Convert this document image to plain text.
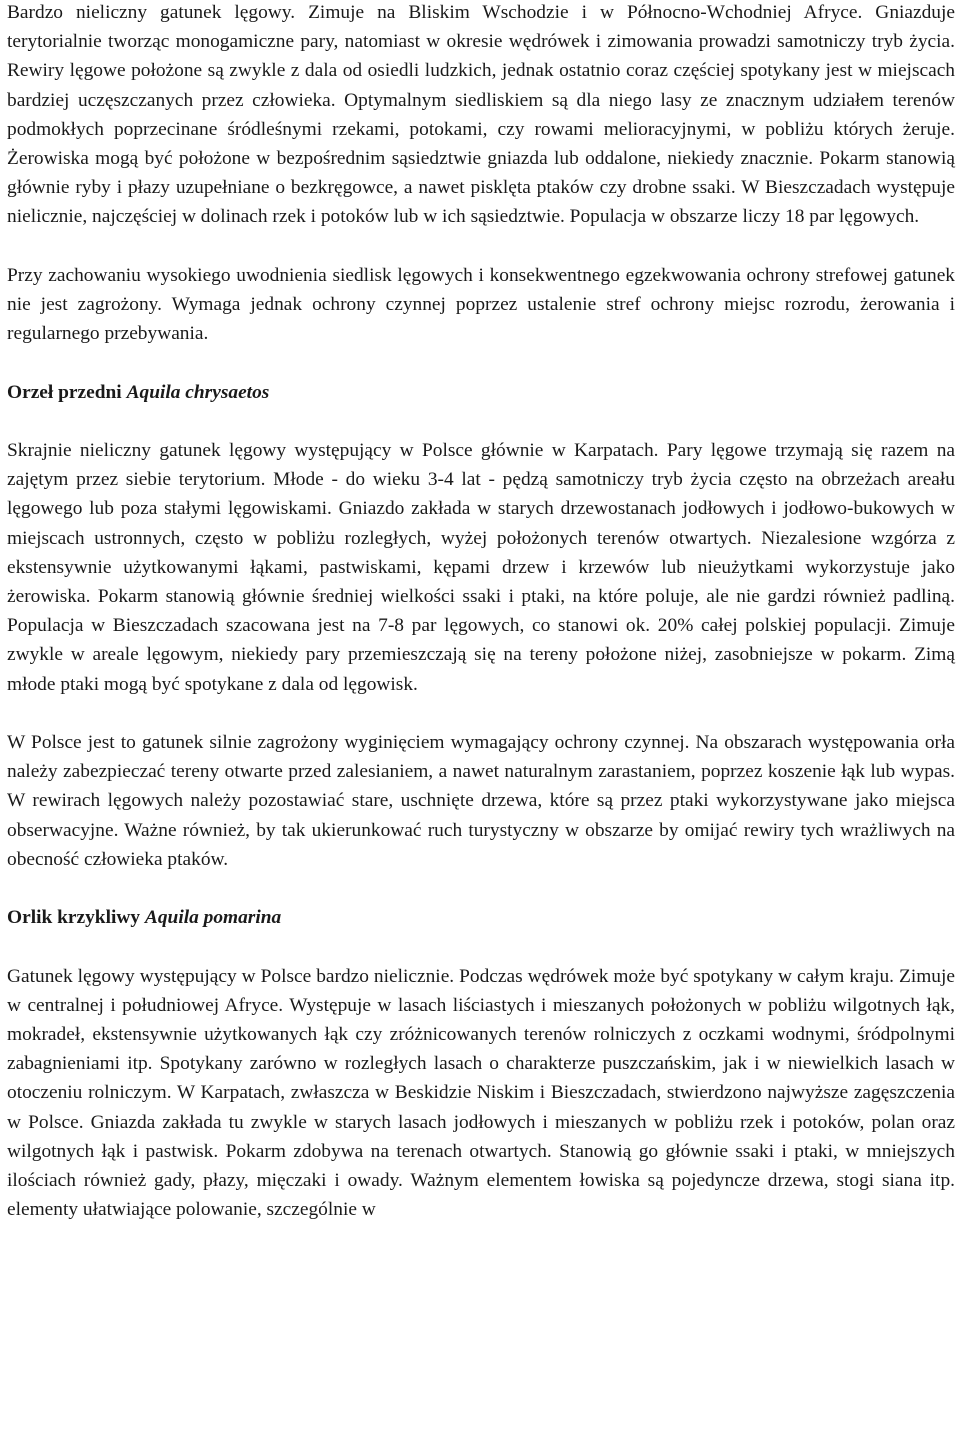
Bardzo nieliczny gatunek lęgowy. Zimuje na Bliskim Wschodzie i w Północno-Wchodniej Afryce. Gniazduje terytorialnie tworząc monogamiczne pary, natomiast w okresie wędrówek i zimowania prowadzi samotniczy tryb życia. Rewiry lęgowe położone są zwykle z dala od osiedli ludzkich, jednak ostatnio coraz częściej spotykany jest w miejscach bardziej uczęszczanych przez człowieka. Optymalnym siedliskiem są dla niego lasy ze znacznym udziałem terenów podmokłych poprzecinane śródleśnymi rzekami, potokami, czy rowami melioracyjnymi, w pobliżu których żeruje. Żerowiska mogą być położone w bezpośrednim sąsiedztwie gniazda lub oddalone, niekiedy znacznie. Pokarm stanowią głównie ryby i płazy uzupełniane o bezkręgowce, a nawet pisklęta ptaków czy drobne ssaki. W Bieszczadach występuje nielicznie, najczęściej w dolinach rzek i potoków lub w ich sąsiedztwie. Populacja w obszarze liczy 18 par lęgowych.

Przy zachowaniu wysokiego uwodnienia siedlisk lęgowych i konsekwentnego egzekwowania ochrony strefowej gatunek nie jest zagrożony. Wymaga jednak ochrony czynnej poprzez ustalenie stref ochrony miejsc rozrodu, żerowania i regularnego przebywania.

Orzeł przedni Aquila chrysaetos

Skrajnie nieliczny gatunek lęgowy występujący w Polsce głównie w Karpatach. Pary lęgowe trzymają się razem na zajętym przez siebie terytorium. Młode - do wieku 3-4 lat - pędzą samotniczy tryb życia często na obrzeżach areału lęgowego lub poza stałymi lęgowiskami. Gniazdo zakłada w starych drzewostanach jodłowych i jodłowo-bukowych w miejscach ustronnych, często w pobliżu rozległych, wyżej położonych terenów otwartych. Niezalesione wzgórza z ekstensywnie użytkowanymi łąkami, pastwiskami, kępami drzew i krzewów lub nieużytkami wykorzystuje jako żerowiska. Pokarm stanowią głównie średniej wielkości ssaki i ptaki, na które poluje, ale nie gardzi również padliną. Populacja w Bieszczadach szacowana jest na 7-8 par lęgowych, co stanowi ok. 20% całej polskiej populacji. Zimuje zwykle w areale lęgowym, niekiedy pary przemieszczają się na tereny położone niżej, zasobniejsze w pokarm. Zimą młode ptaki mogą być spotykane z dala od lęgowisk.

W Polsce jest to gatunek silnie zagrożony wyginięciem wymagający ochrony czynnej. Na obszarach występowania orła należy zabezpieczać tereny otwarte przed zalesianiem, a nawet naturalnym zarastaniem, poprzez koszenie łąk lub wypas. W rewirach lęgowych należy pozostawiać stare, uschnięte drzewa, które są przez ptaki wykorzystywane jako miejsca obserwacyjne. Ważne również, by tak ukierunkować ruch turystyczny w obszarze by omijać rewiry tych wrażliwych na obecność człowieka ptaków.

Orlik krzykliwy Aquila pomarina

Gatunek lęgowy występujący w Polsce bardzo nielicznie. Podczas wędrówek może być spotykany w całym kraju. Zimuje w centralnej i południowej Afryce. Występuje w lasach liściastych i mieszanych położonych w pobliżu wilgotnych łąk, mokradeł, ekstensywnie użytkowanych łąk czy zróżnicowanych terenów rolniczych z oczkami wodnymi, śródpolnymi zabagnieniami itp. Spotykany zarówno w rozległych lasach o charakterze puszczańskim, jak i w niewielkich lasach w otoczeniu rolniczym. W Karpatach, zwłaszcza w Beskidzie Niskim i Bieszczadach, stwierdzono najwyższe zagęszczenia w Polsce. Gniazda zakłada tu zwykle w starych lasach jodłowych i mieszanych w pobliżu rzek i potoków, polan oraz wilgotnych łąk i pastwisk. Pokarm zdobywa na terenach otwartych. Stanowią go głównie ssaki i ptaki, w mniejszych ilościach również gady, płazy, mięczaki i owady. Ważnym elementem łowiska są pojedyncze drzewa, stogi siana itp. elementy ułatwiające polowanie, szczególnie w
